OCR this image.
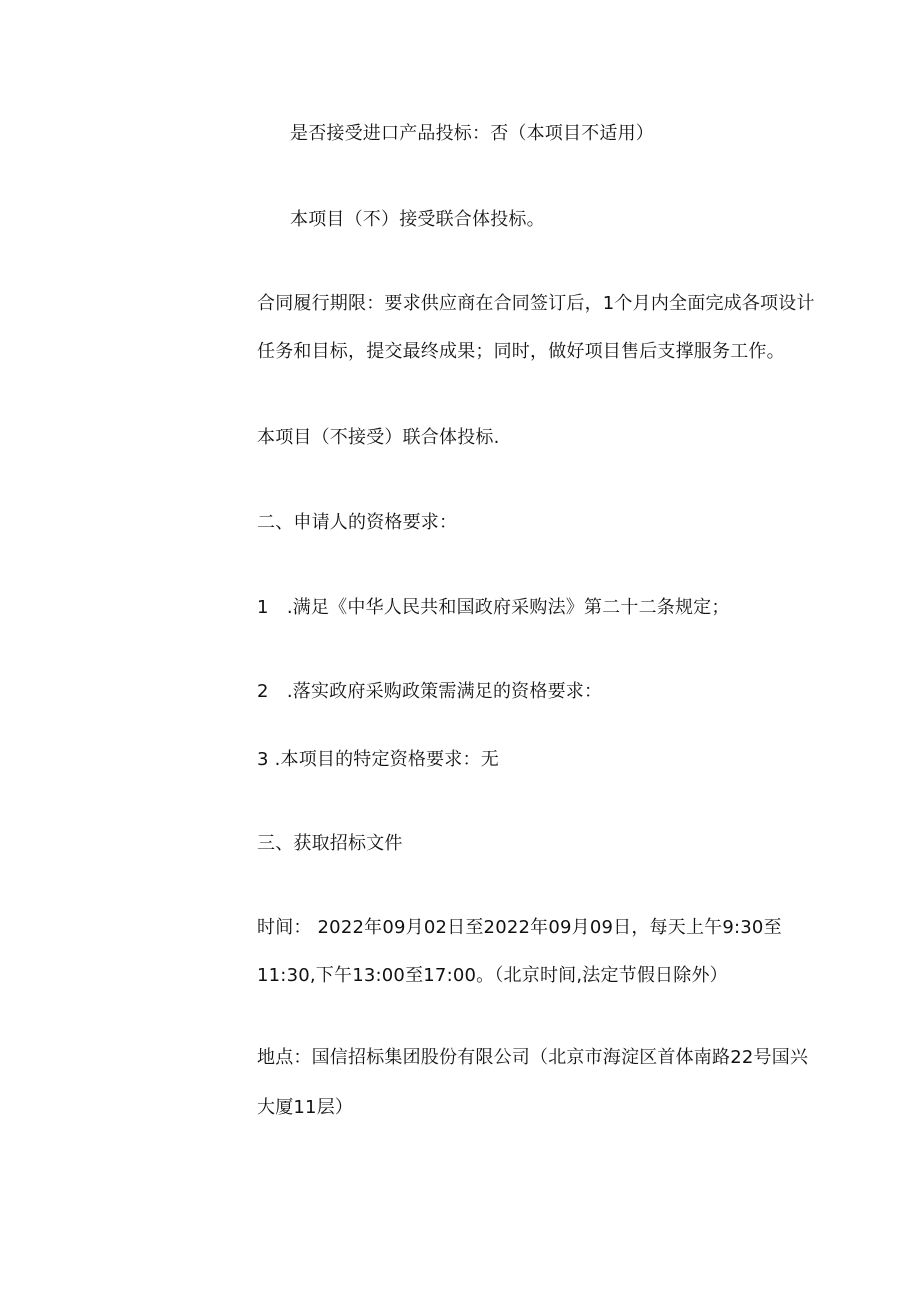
是否接受进口产品投标：否（本项目不适用）
本项目（不）接受联合体投标。
合同履行期限：要求供应商在合同签订后，1个月内全面完成各项设计
任务和目标，提交最终成果；同时，做好项目售后支撑服务工作。
本项目（不接受）联合体投标.
二、申请人的资格要求：
1　.满足《中华人民共和国政府采购法》第二十二条规定；
2　.落实政府采购政策需满足的资格要求：
3 .本项目的特定资格要求：无
三、获取招标文件
时间： 2022年09月02日至2022年09月09日，每天上午9:30至
11:30,下午13:00至17:00。（北京时间,法定节假日除外）
地点：国信招标集团股份有限公司（北京市海淀区首体南路22号国兴
大厦11层）
